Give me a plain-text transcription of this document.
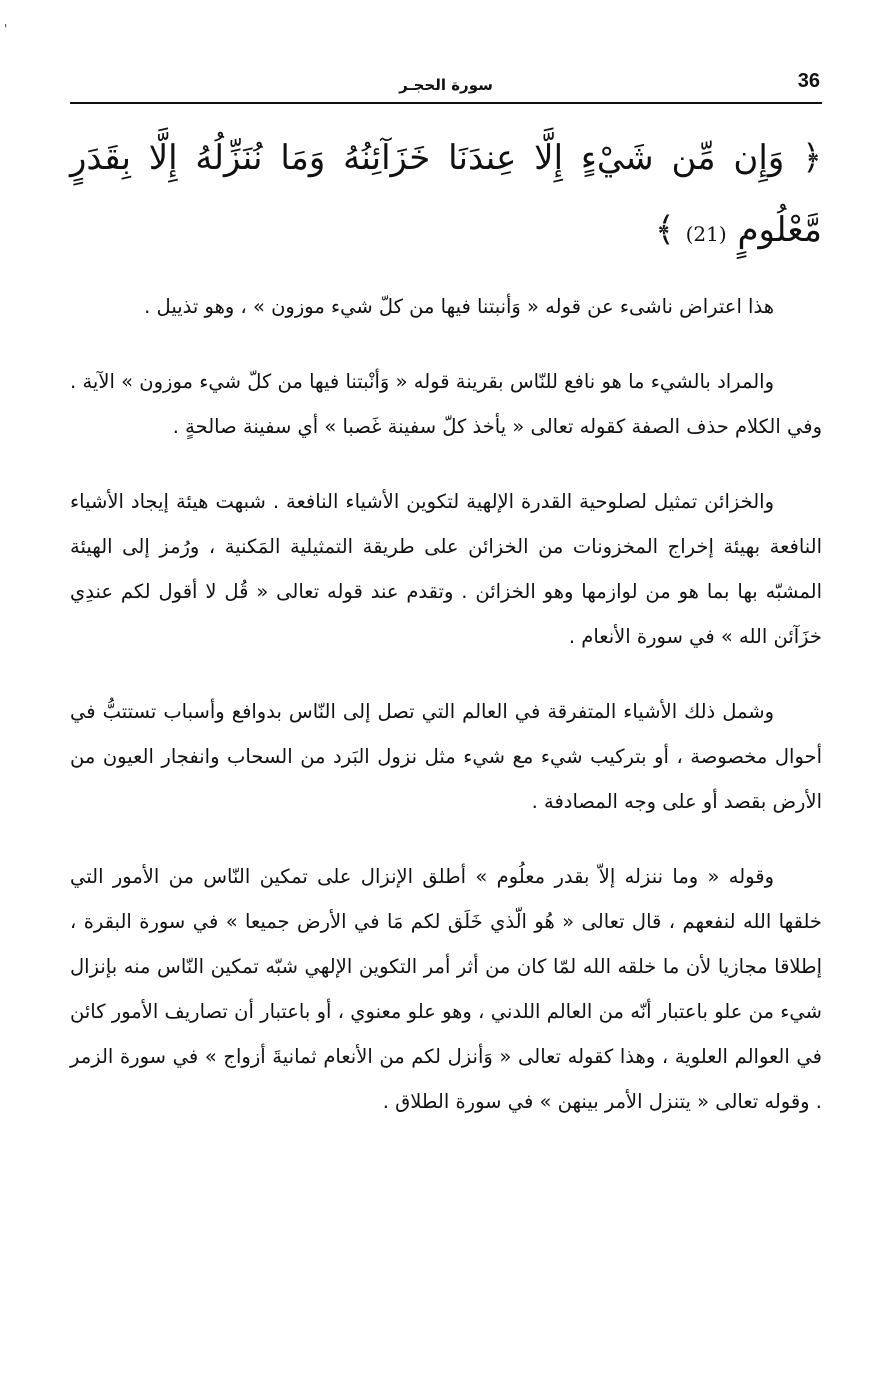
'
36
سورة الحجـر
﴿ وَإِن مِّن شَيْءٍ إِلَّا عِندَنَا خَزَآئِنُهُ وَمَا نُنَزِّلُهُ إِلَّا بِقَدَرٍ مَّعْلُومٍ (21) ﴾

هذا اعتراض ناشىء عن قوله « وَأنبتنا فيها من كلّ شيء موزون » ، وهو تذييل .

والمراد بالشيء ما هو نافع للنّاس بقرينة قوله « وَأنْبتنا فيها من كلّ شيء موزون » الآية . وفي الكلام حذف الصفة كقوله تعالى « يأخذ كلّ سفينة غَصبا » أي سفينة صالحةٍ .

والخزائن تمثيل لصلوحية القدرة الإلهية لتكوين الأشياء النافعة . شبهت هيئة إيجاد الأشياء النافعة بهيئة إخراج المخزونات من الخزائن على طريقة التمثيلية المَكنية ، ورُمز إلى الهيئة المشبّه بها بما هو من لوازمها وهو الخزائن . وتقدم عند قوله تعالى « قُل لا أقول لكم عندِي خزَآئن الله » في سورة الأنعام .

وشمل ذلك الأشياء المتفرقة في العالم التي تصل إلى النّاس بدوافع وأسباب تستتبُّ في أحوال مخصوصة ، أو بتركيب شيء مع شيء مثل نزول البَرد من السحاب وانفجار العيون من الأرض بقصد أو على وجه المصادفة .

وقوله « وما ننزله إلاّ بقدر معلُوم » أطلق الإنزال على تمكين النّاس من الأمور التي خلقها الله لنفعهم ، قال تعالى « هُو الّذي خَلَق لكم مَا في الأرض جميعا » في سورة البقرة ، إطلاقا مجازيا لأن ما خلقه الله لمّا كان من أثر أمر التكوين الإلهي شبّه تمكين النّاس منه بإنزال شيء من علو باعتبار أنّه من العالم اللدني ، وهو علو معنوي ، أو باعتبار أن تصاريف الأمور كائن في العوالم العلوية ، وهذا كقوله تعالى « وَأنزل لكم من الأنعام ثمانيةَ أزواج » في سورة الزمر . وقوله تعالى « يتنزل الأمر بينهن » في سورة الطلاق .
